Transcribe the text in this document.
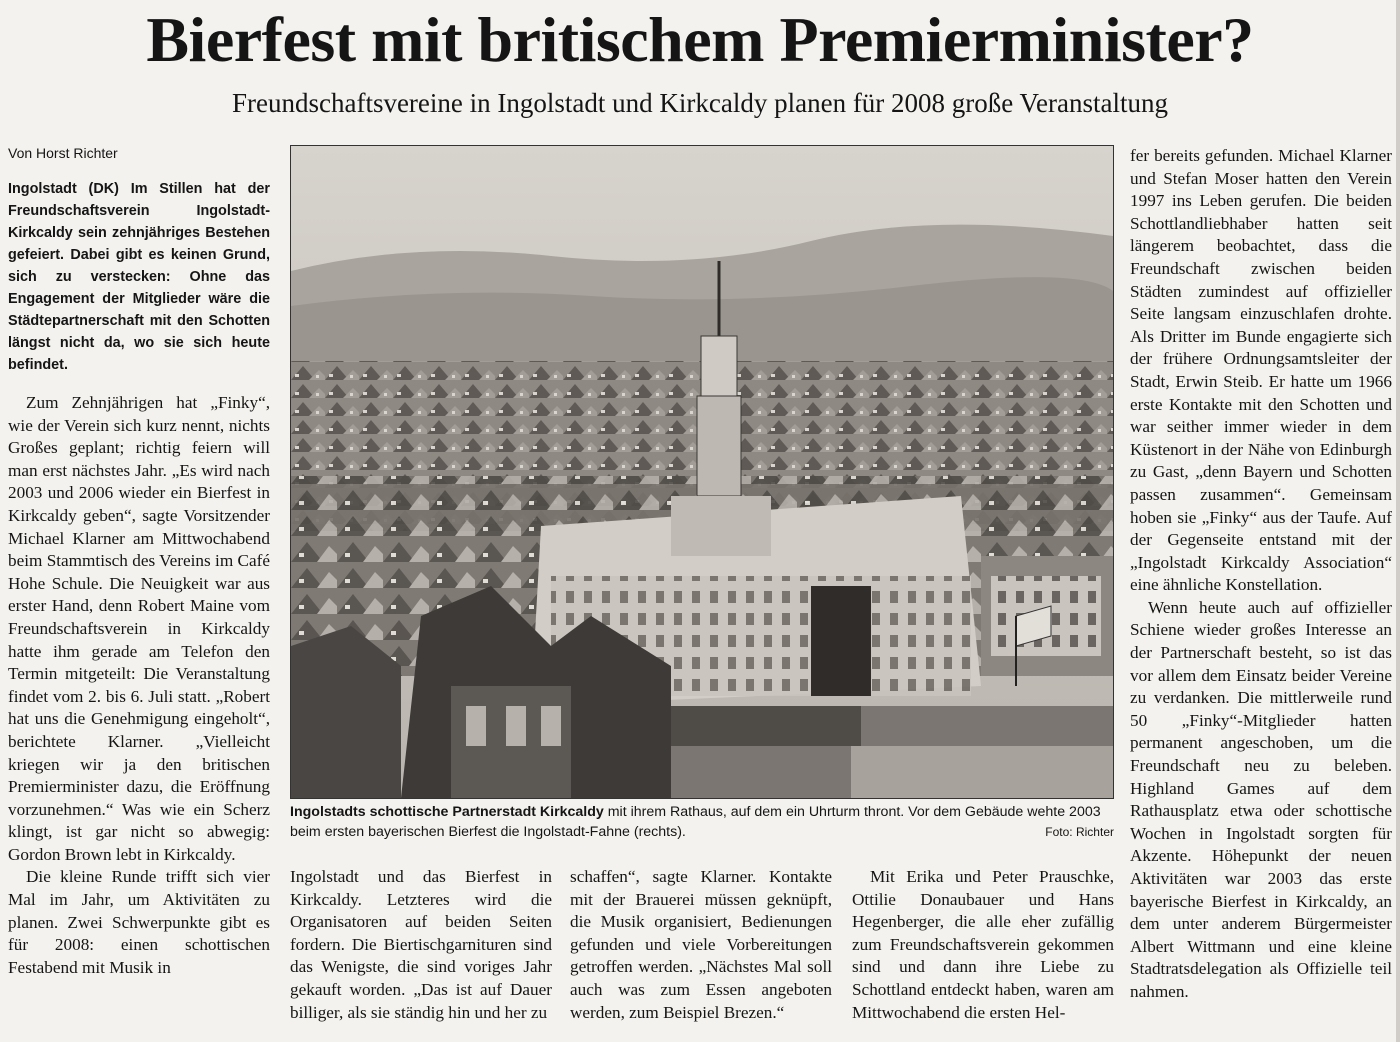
Bierfest mit britischem Premierminister?
Freundschaftsvereine in Ingolstadt und Kirkcaldy planen für 2008 große Veranstaltung
Von Horst Richter

Ingolstadt (DK) Im Stillen hat der Freundschaftsverein Ingolstadt-Kirkcaldy sein zehnjähriges Bestehen gefeiert. Dabei gibt es keinen Grund, sich zu verstecken: Ohne das Engagement der Mitglieder wäre die Städtepartnerschaft mit den Schotten längst nicht da, wo sie sich heute befindet.

Zum Zehnjährigen hat „Finky“, wie der Verein sich kurz nennt, nichts Großes geplant; richtig feiern will man erst nächstes Jahr. „Es wird nach 2003 und 2006 wieder ein Bierfest in Kirkcaldy geben“, sagte Vorsitzender Michael Klarner am Mittwochabend beim Stammtisch des Vereins im Café Hohe Schule. Die Neuigkeit war aus erster Hand, denn Robert Maine vom Freundschaftsverein in Kirkcaldy hatte ihm gerade am Telefon den Termin mitgeteilt: Die Veranstaltung findet vom 2. bis 6. Juli statt. „Robert hat uns die Genehmigung eingeholt“, berichtete Klarner. „Vielleicht kriegen wir ja den britischen Premierminister dazu, die Eröffnung vorzunehmen.“ Was wie ein Scherz klingt, ist gar nicht so abwegig: Gordon Brown lebt in Kirkcaldy.

Die kleine Runde trifft sich vier Mal im Jahr, um Aktivitäten zu planen. Zwei Schwerpunkte gibt es für 2008: einen schottischen Festabend mit Musik in

Ingolstadts schottische Partnerstadt Kirkcaldy mit ihrem Rathaus, auf dem ein Uhrturm thront. Vor dem Gebäude wehte 2003 beim ersten bayerischen Bierfest die Ingolstadt-Fahne (rechts).	Foto: Richter

Ingolstadt und das Bierfest in Kirkcaldy. Letzteres wird die Organisatoren auf beiden Seiten fordern. Die Biertischgarnituren sind das Wenigste, die sind voriges Jahr gekauft worden. „Das ist auf Dauer billiger, als sie ständig hin und her zu

schaffen“, sagte Klarner. Kontakte mit der Brauerei müssen geknüpft, die Musik organisiert, Bedienungen gefunden und viele Vorbereitungen getroffen werden. „Nächstes Mal soll auch was zum Essen angeboten werden, zum Beispiel Brezen.“

Mit Erika und Peter Prauschke, Ottilie Donaubauer und Hans Hegenberger, die alle eher zufällig zum Freundschaftsverein gekommen sind und dann ihre Liebe zu Schottland entdeckt haben, waren am Mittwochabend die ersten Hel-

fer bereits gefunden. Michael Klarner und Stefan Moser hatten den Verein 1997 ins Leben gerufen. Die beiden Schottlandliebhaber hatten seit längerem beobachtet, dass die Freundschaft zwischen beiden Städten zumindest auf offizieller Seite langsam einzuschlafen drohte. Als Dritter im Bunde engagierte sich der frühere Ordnungsamtsleiter der Stadt, Erwin Steib. Er hatte um 1966 erste Kontakte mit den Schotten und war seither immer wieder in dem Küstenort in der Nähe von Edinburgh zu Gast, „denn Bayern und Schotten passen zusammen“. Gemeinsam hoben sie „Finky“ aus der Taufe. Auf der Gegenseite entstand mit der „Ingolstadt Kirkcaldy Association“ eine ähnliche Konstellation.

Wenn heute auch auf offizieller Schiene wieder großes Interesse an der Partnerschaft besteht, so ist das vor allem dem Einsatz beider Vereine zu verdanken. Die mittlerweile rund 50 „Finky“-Mitglieder hatten permanent angeschoben, um die Freundschaft neu zu beleben. Highland Games auf dem Rathausplatz etwa oder schottische Wochen in Ingolstadt sorgten für Akzente. Höhepunkt der neuen Aktivitäten war 2003 das erste bayerische Bierfest in Kirkcaldy, an dem unter anderem Bürgermeister Albert Wittmann und eine kleine Stadtratsdelegation als Offizielle teil nahmen.
